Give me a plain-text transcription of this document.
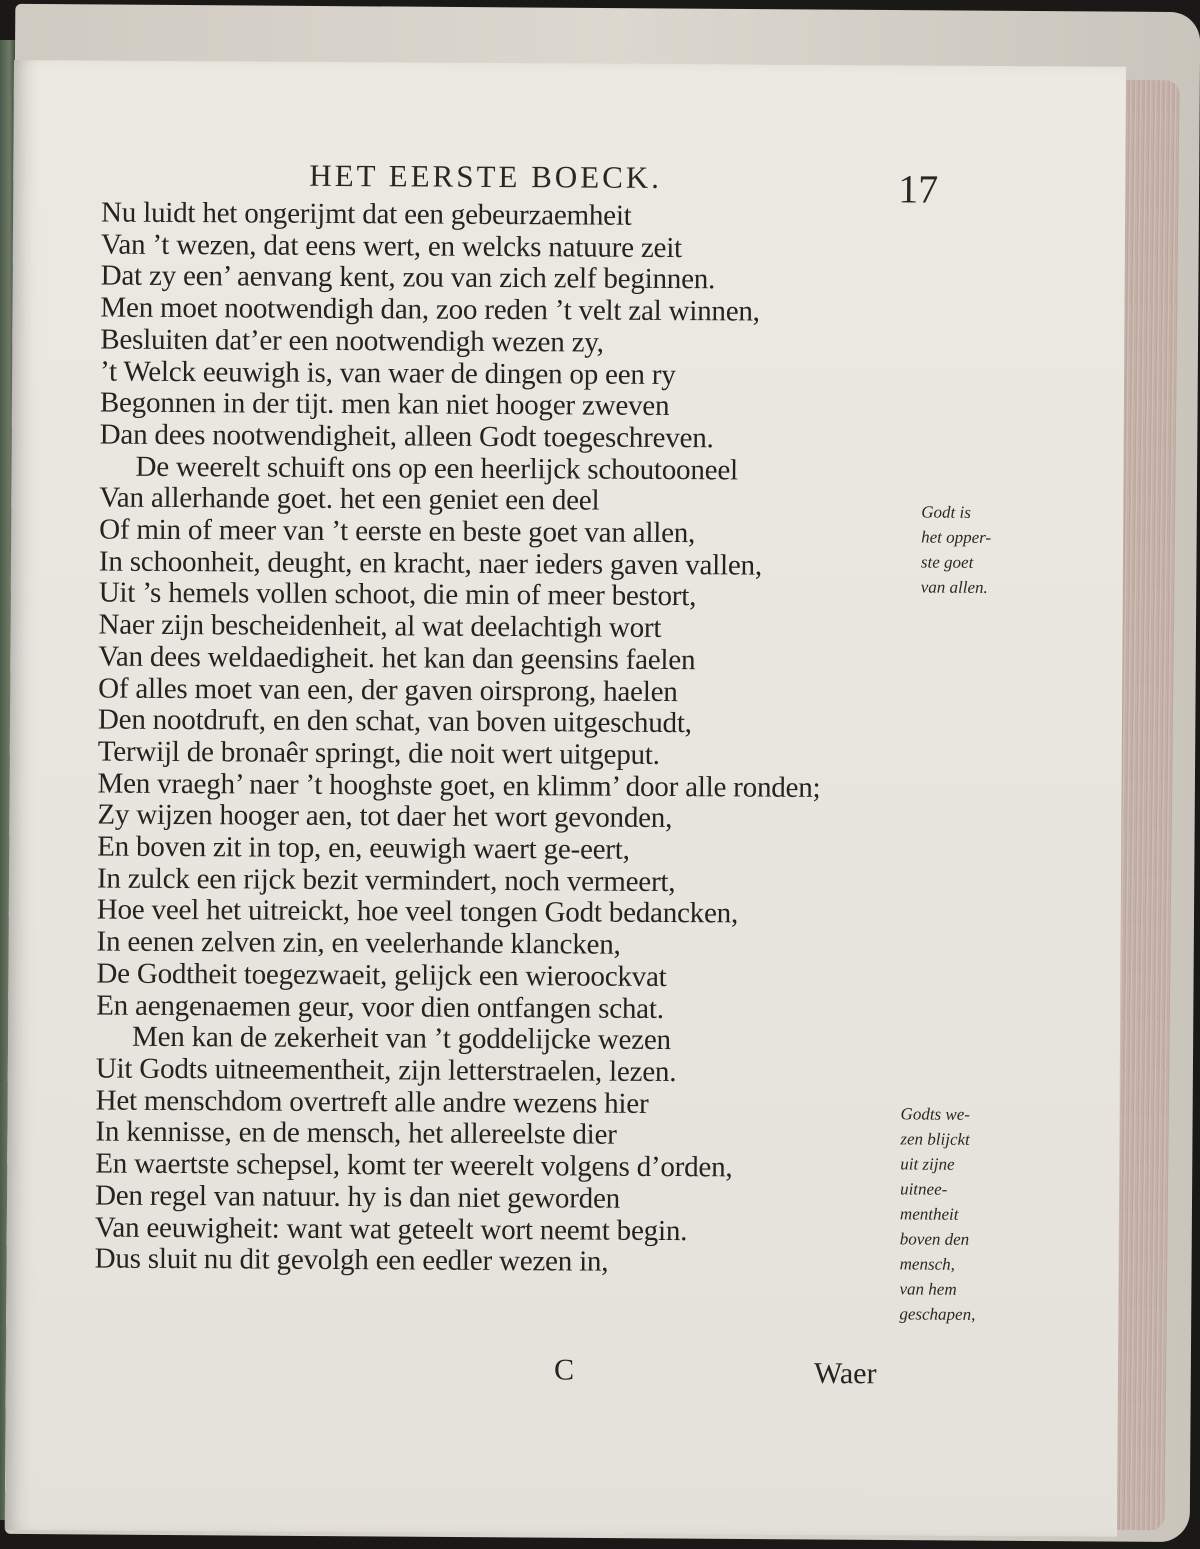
HET EERSTE BOECK.	17
Nu luidt het ongerijmt dat een gebeurzaemheit
Van ’t wezen, dat eens wert, en welcks natuure zeit
Dat zy een’ aenvang kent, zou van zich zelf beginnen.
Men moet nootwendigh dan, zoo reden ’t velt zal winnen,
Besluiten dat’er een nootwendigh wezen zy,
’t Welck eeuwigh is, van waer de dingen op een ry
Begonnen in der tijt. men kan niet hooger zweven
Dan dees nootwendigheit, alleen Godt toegeschreven.
De weerelt schuift ons op een heerlijck schoutooneel
Van allerhande goet. het een geniet een deel
Of min of meer van ’t eerste en beste goet van allen,
In schoonheit, deught, en kracht, naer ieders gaven vallen,
Uit ’s hemels vollen schoot, die min of meer bestort,
Naer zijn bescheidenheit, al wat deelachtigh wort
Van dees weldaedigheit. het kan dan geensins faelen
Of alles moet van een, der gaven oirsprong, haelen
Den nootdruft, en den schat, van boven uitgeschudt,
Terwijl de bronaêr springt, die noit wert uitgeput.
Men vraegh’ naer ’t hooghste goet, en klimm’ door alle ronden;
Zy wijzen hooger aen, tot daer het wort gevonden,
En boven zit in top, en, eeuwigh waert ge-eert,
In zulck een rijck bezit vermindert, noch vermeert,
Hoe veel het uitreickt, hoe veel tongen Godt bedancken,
In eenen zelven zin, en veelerhande klancken,
De Godtheit toegezwaeit, gelijck een wieroockvat
En aengenaemen geur, voor dien ontfangen schat.
Men kan de zekerheit van ’t goddelijcke wezen
Uit Godts uitneementheit, zijn letterstraelen, lezen.
Het menschdom overtreft alle andre wezens hier
In kennisse, en de mensch, het allereelste dier
En waertste schepsel, komt ter weerelt volgens d’orden,
Den regel van natuur. hy is dan niet geworden
Van eeuwigheit: want wat geteelt wort neemt begin.
Dus sluit nu dit gevolgh een eedler wezen in,
Godt is
het opper-
ste goet
van allen.
Godts we-
zen blijckt
uit zijne
uitnee-
mentheit
boven den
mensch,
van hem
geschapen,
C	Waer
